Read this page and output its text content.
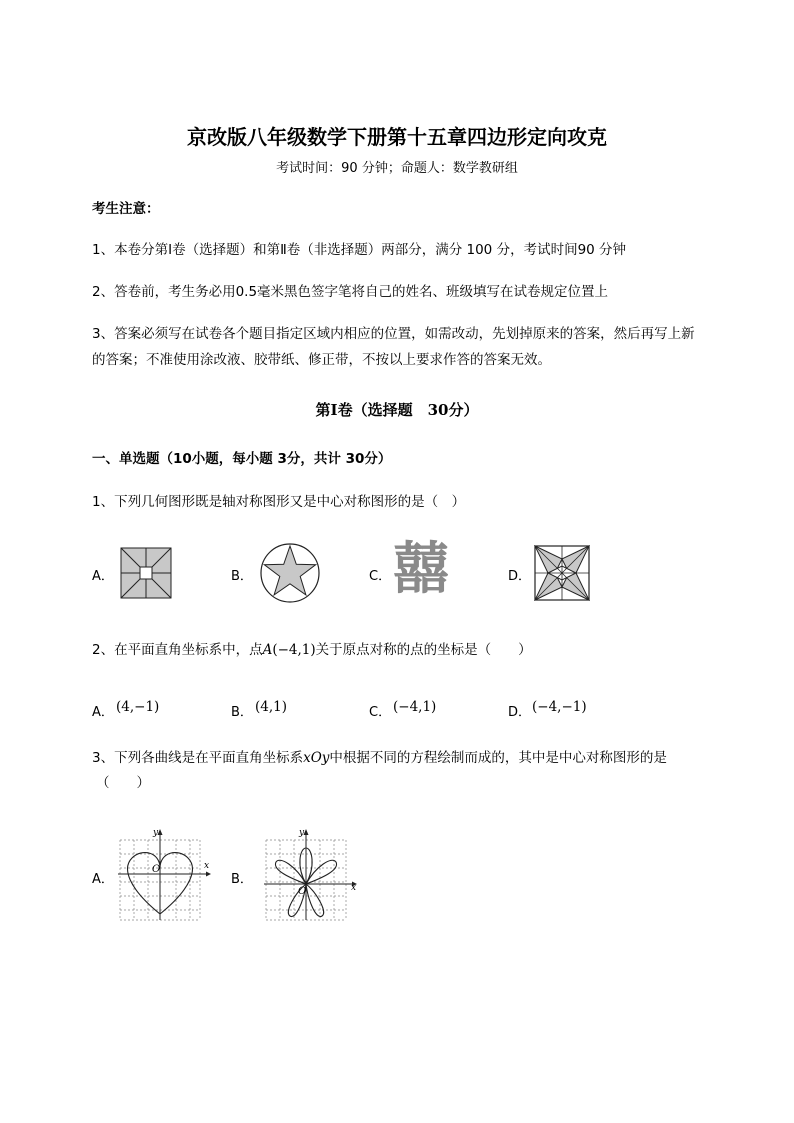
京改版八年级数学下册第十五章四边形定向攻克
考试时间：90 分钟；命题人：数学教研组
考生注意：
1、本卷分第Ⅰ卷（选择题）和第Ⅱ卷（非选择题）两部分，满分 100 分，考试时间90 分钟
2、答卷前，考生务必用0.5毫米黑色签字笔将自己的姓名、班级填写在试卷规定位置上
3、答案必须写在试卷各个题目指定区域内相应的位置，如需改动，先划掉原来的答案，然后再写上新
的答案；不准使用涂改液、胶带纸、修正带，不按以上要求作答的答案无效。
第Ⅰ卷（选择题　30分）
一、单选题（10小题，每小题 3分，共计 30分）
1、下列几何图形既是轴对称图形又是中心对称图形的是（　）
A．	B．	C． 囍	D．
2、在平面直角坐标系中，点A(−4,1)关于原点对称的点的坐标是（　　）
A． (4,−1)	B． (4,1)	C． (−4,1)	D． (−4,−1)
3、下列各曲线是在平面直角坐标系xOy中根据不同的方程绘制而成的，其中是中心对称图形的是
（　　）
A．
O
y
x
B．
O
y
x
